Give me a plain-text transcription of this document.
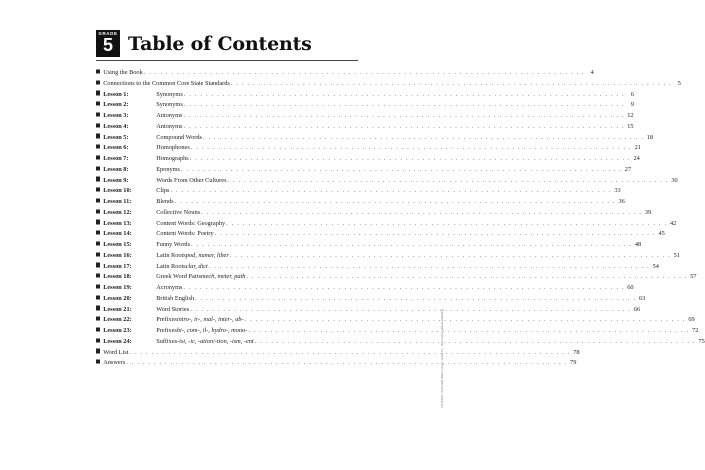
GRADE
5 Table of Contents
Using the Book . . . . . . . . . . . . . . . . . . . . . . . . . . . . . . . . . . . . . . . . . . . . . . . . . . . . . . . . . . . . . . . . . . . . . . . . . . . . . . . . 4
Connections to the Common Core State Standards . . . . . . . . . . . . . . . . . . . . . . . . . . . . . . . . . . . . . . . . . . . . . . . . . . . . . . . . . . . . . . . . . . . . . . . . . . . . . . . . 5
Lesson 1:	Synonyms . . . . . . . . . . . . . . . . . . . . . . . . . . . . . . . . . . . . . . . . . . . . . . . . . . . . . . . . . . . . . . . . . . . . . . . . . . . . . . . . 6
Lesson 2:	Synonyms . . . . . . . . . . . . . . . . . . . . . . . . . . . . . . . . . . . . . . . . . . . . . . . . . . . . . . . . . . . . . . . . . . . . . . . . . . . . . . . . 9
Lesson 3:	Antonyms . . . . . . . . . . . . . . . . . . . . . . . . . . . . . . . . . . . . . . . . . . . . . . . . . . . . . . . . . . . . . . . . . . . . . . . . . . . . . . . . 12
Lesson 4:	Antonyms . . . . . . . . . . . . . . . . . . . . . . . . . . . . . . . . . . . . . . . . . . . . . . . . . . . . . . . . . . . . . . . . . . . . . . . . . . . . . . . . 15
Lesson 5:	Compound Words . . . . . . . . . . . . . . . . . . . . . . . . . . . . . . . . . . . . . . . . . . . . . . . . . . . . . . . . . . . . . . . . . . . . . . . . . . . . . . . . 18
Lesson 6:	Homophones . . . . . . . . . . . . . . . . . . . . . . . . . . . . . . . . . . . . . . . . . . . . . . . . . . . . . . . . . . . . . . . . . . . . . . . . . . . . . . . . 21
Lesson 7:	Homographs . . . . . . . . . . . . . . . . . . . . . . . . . . . . . . . . . . . . . . . . . . . . . . . . . . . . . . . . . . . . . . . . . . . . . . . . . . . . . . . . 24
Lesson 8:	Eponyms . . . . . . . . . . . . . . . . . . . . . . . . . . . . . . . . . . . . . . . . . . . . . . . . . . . . . . . . . . . . . . . . . . . . . . . . . . . . . . . . 27
Lesson 9:	Words From Other Cultures . . . . . . . . . . . . . . . . . . . . . . . . . . . . . . . . . . . . . . . . . . . . . . . . . . . . . . . . . . . . . . . . . . . . . . . . . . . . . . . . 30
Lesson 10:	Clips . . . . . . . . . . . . . . . . . . . . . . . . . . . . . . . . . . . . . . . . . . . . . . . . . . . . . . . . . . . . . . . . . . . . . . . . . . . . . . . . 33
Lesson 11:	Blends . . . . . . . . . . . . . . . . . . . . . . . . . . . . . . . . . . . . . . . . . . . . . . . . . . . . . . . . . . . . . . . . . . . . . . . . . . . . . . . . 36
Lesson 12:	Collective Nouns . . . . . . . . . . . . . . . . . . . . . . . . . . . . . . . . . . . . . . . . . . . . . . . . . . . . . . . . . . . . . . . . . . . . . . . . . . . . . . . . 39
Lesson 13:	Content Words: Geography . . . . . . . . . . . . . . . . . . . . . . . . . . . . . . . . . . . . . . . . . . . . . . . . . . . . . . . . . . . . . . . . . . . . . . . . . . . . . . . . 42
Lesson 14:	Content Words: Poetry . . . . . . . . . . . . . . . . . . . . . . . . . . . . . . . . . . . . . . . . . . . . . . . . . . . . . . . . . . . . . . . . . . . . . . . . . . . . . . . . 45
Lesson 15:	Funny Words . . . . . . . . . . . . . . . . . . . . . . . . . . . . . . . . . . . . . . . . . . . . . . . . . . . . . . . . . . . . . . . . . . . . . . . . . . . . . . . . 48
Lesson 16:	Latin Roots pod, numer, liber . . . . . . . . . . . . . . . . . . . . . . . . . . . . . . . . . . . . . . . . . . . . . . . . . . . . . . . . . . . . . . . . . . . . . . . . . . . . . . . . 51
Lesson 17:	Latin Roots clar, dict . . . . . . . . . . . . . . . . . . . . . . . . . . . . . . . . . . . . . . . . . . . . . . . . . . . . . . . . . . . . . . . . . . . . . . . . . . . . . . . . 54
Lesson 18:	Greek Word Parts mech, meter, path . . . . . . . . . . . . . . . . . . . . . . . . . . . . . . . . . . . . . . . . . . . . . . . . . . . . . . . . . . . . . . . . . . . . . . . . . . . . . . . . 57
Lesson 19:	Acronyms . . . . . . . . . . . . . . . . . . . . . . . . . . . . . . . . . . . . . . . . . . . . . . . . . . . . . . . . . . . . . . . . . . . . . . . . . . . . . . . . 60
Lesson 20:	British English . . . . . . . . . . . . . . . . . . . . . . . . . . . . . . . . . . . . . . . . . . . . . . . . . . . . . . . . . . . . . . . . . . . . . . . . . . . . . . . . 63
Lesson 21:	Word Stories . . . . . . . . . . . . . . . . . . . . . . . . . . . . . . . . . . . . . . . . . . . . . . . . . . . . . . . . . . . . . . . . . . . . . . . . . . . . . . . . 66
Lesson 22:	Prefixes intro-, ir-, mal-, inter-, ab- . . . . . . . . . . . . . . . . . . . . . . . . . . . . . . . . . . . . . . . . . . . . . . . . . . . . . . . . . . . . . . . . . . . . . . . . . . . . . . . . 69
Lesson 23:	Prefixes bi-, com-, il-, hydro-, mono- . . . . . . . . . . . . . . . . . . . . . . . . . . . . . . . . . . . . . . . . . . . . . . . . . . . . . . . . . . . . . . . . . . . . . . . . . . . . . . . . 72
Lesson 24:	Suffixes -ist, -ic, -ation/-tion, -ism, -ent . . . . . . . . . . . . . . . . . . . . . . . . . . . . . . . . . . . . . . . . . . . . . . . . . . . . . . . . . . . . . . . . . . . . . . . . . . . . . . . . 75
Word List . . . . . . . . . . . . . . . . . . . . . . . . . . . . . . . . . . . . . . . . . . . . . . . . . . . . . . . . . . . . . . . . . . . . . . . . . . . . . . . . 78
Answers . . . . . . . . . . . . . . . . . . . . . . . . . . . . . . . . . . . . . . . . . . . . . . . . . . . . . . . . . . . . . . . . . . . . . . . . . . . . . . . . 79
CD-104611 • Word Skills Made to Order • Grade 5 © 2013 Carson-Dellosa Publishing
